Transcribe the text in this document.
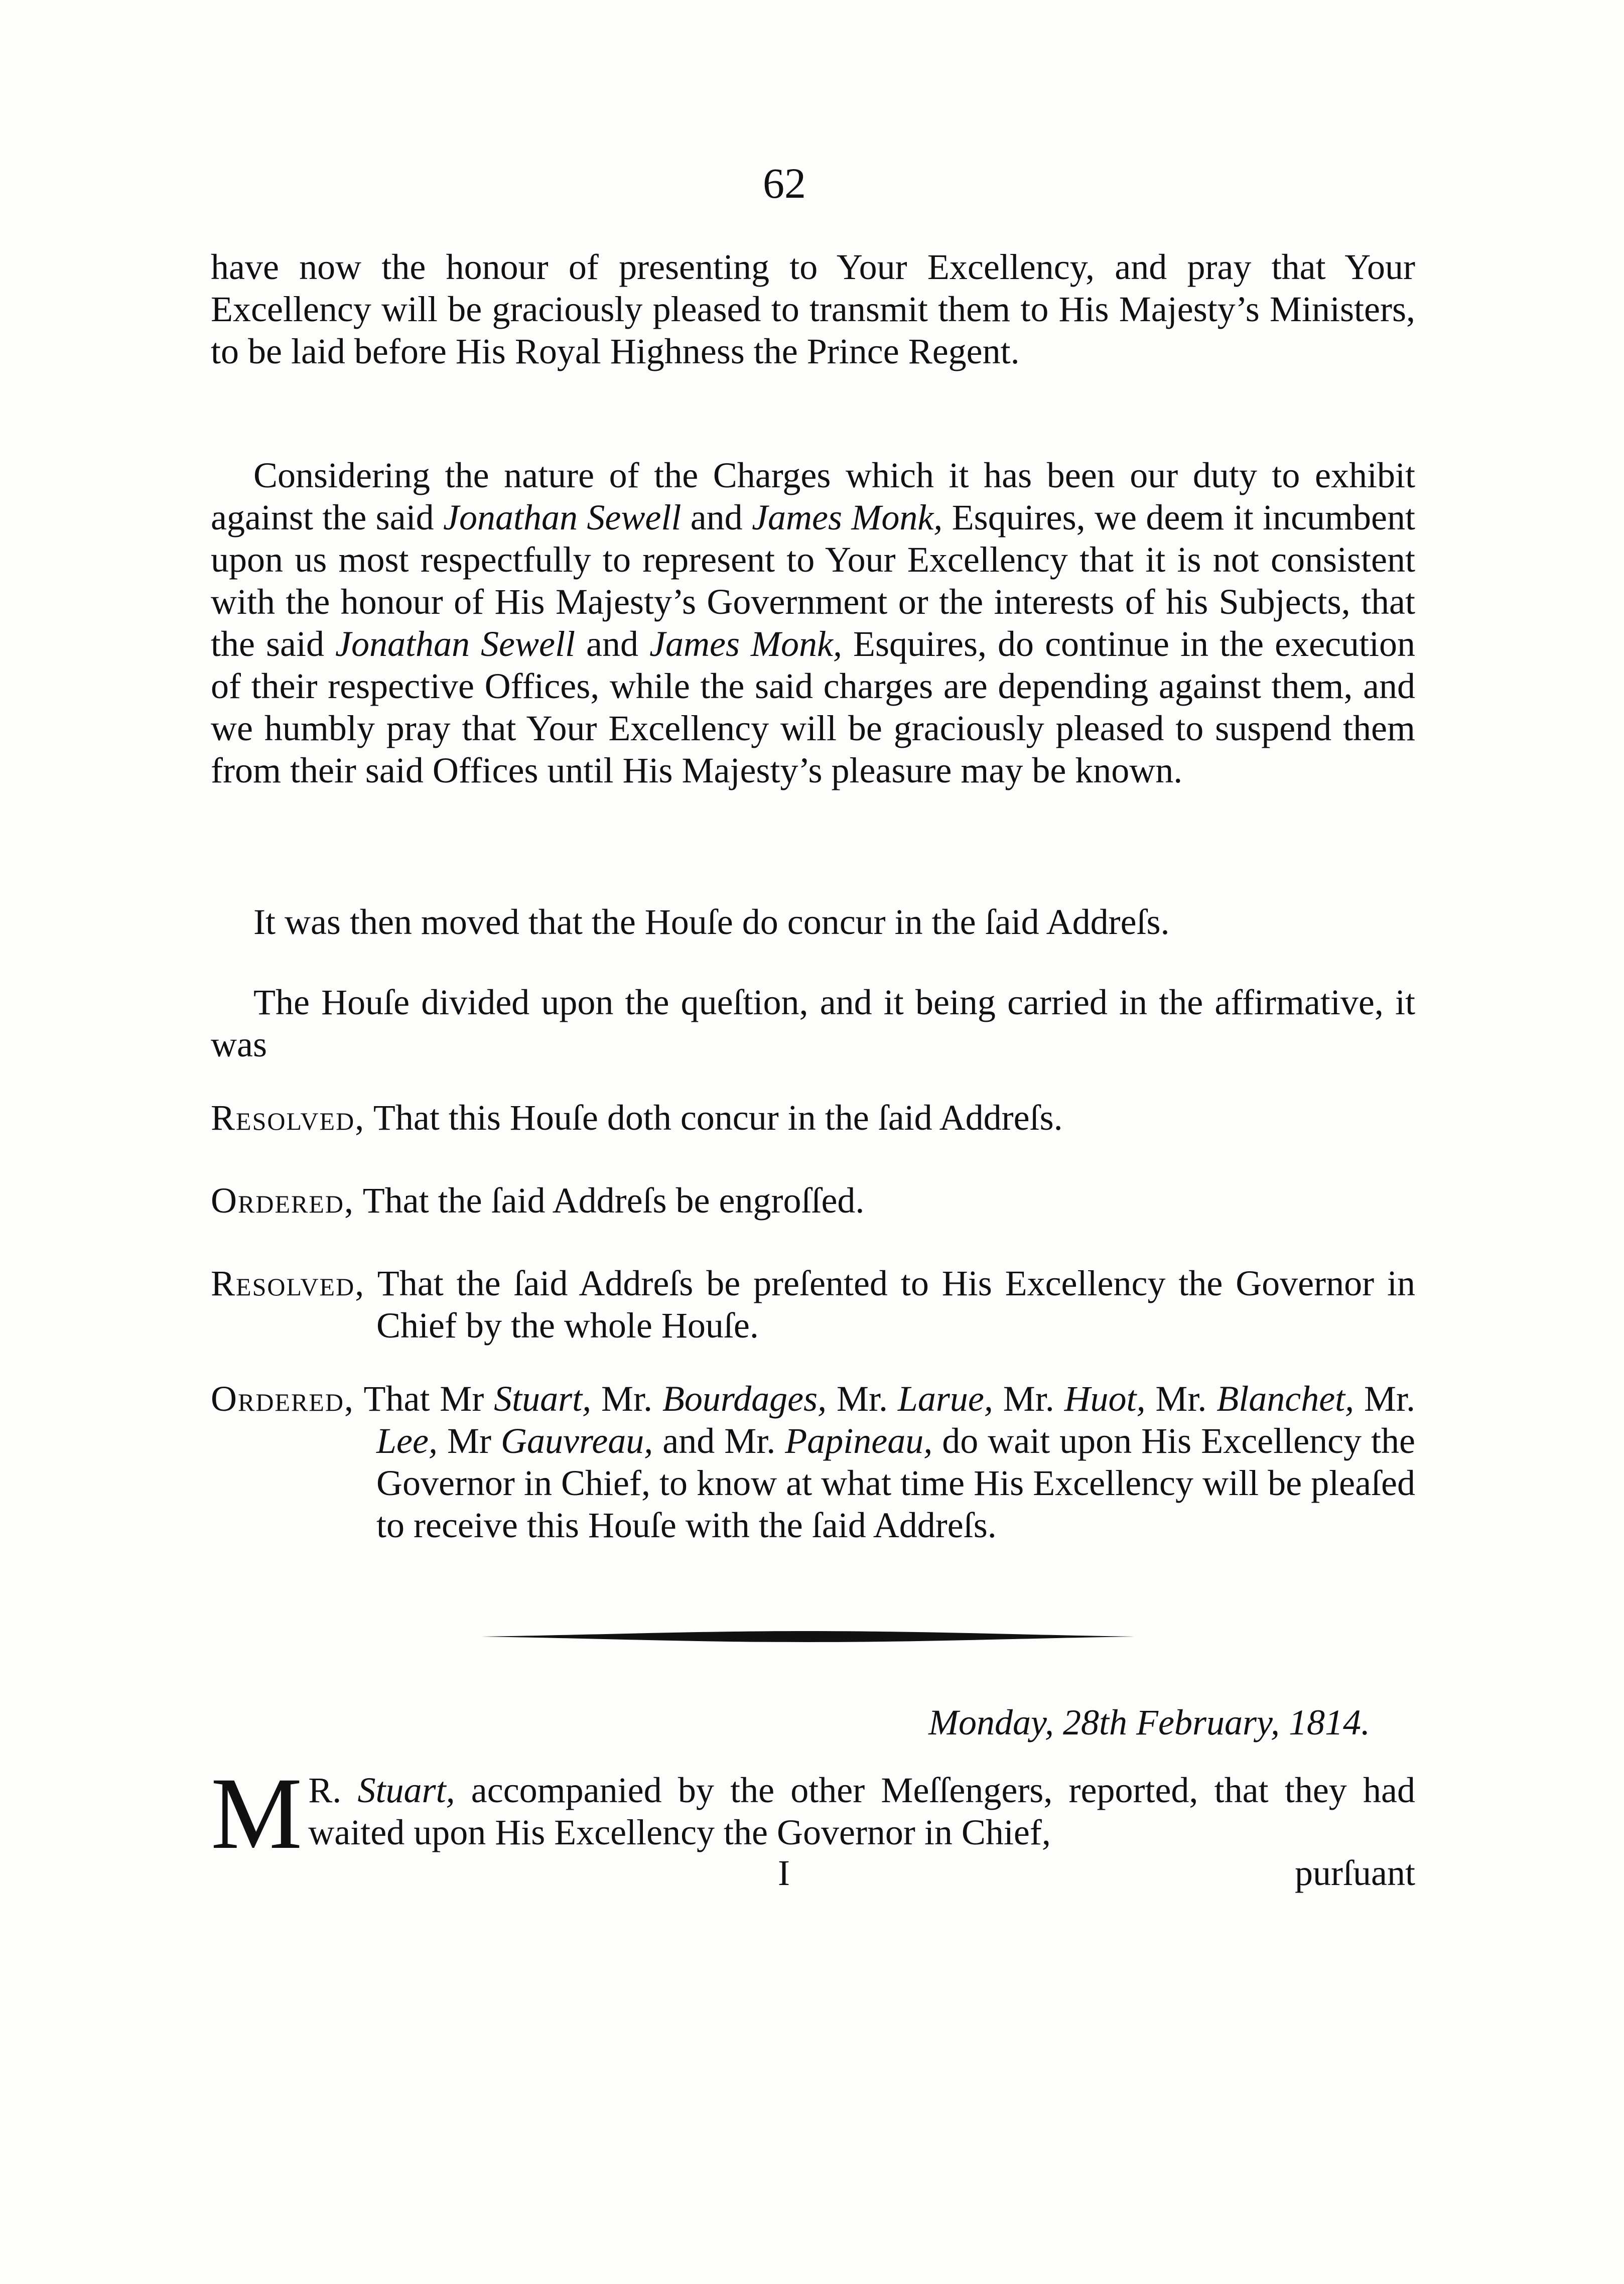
62

have now the honour of presenting to Your Excellency, and pray that Your Excellency will be graciously pleased to transmit them to His Majesty’s Ministers, to be laid before His Royal Highness the Prince Regent.

Considering the nature of the Charges which it has been our duty to exhibit against the said Jonathan Sewell and James Monk, Esquires, we deem it incumbent upon us most respectfully to represent to Your Excellency that it is not consistent with the honour of His Majesty’s Government or the interests of his Subjects, that the said Jonathan Sewell and James Monk, Esquires, do continue in the execution of their respective Offices, while the said charges are depending against them, and we humbly pray that Your Excellency will be graciously pleased to suspend them from their said Offices until His Majesty’s pleasure may be known.

It was then moved that the Houſe do concur in the ſaid Addreſs.

The Houſe divided upon the queſtion, and it being carried in the affirmative, it was

Resolved, That this Houſe doth concur in the ſaid Addreſs.

Ordered, That the ſaid Addreſs be engroſſed.

Resolved, That the ſaid Addreſs be preſented to His Excellency the Governor in Chief by the whole Houſe.

Ordered, That Mr Stuart, Mr. Bourdages, Mr. Larue, Mr. Huot, Mr. Blanchet, Mr. Lee, Mr Gauvreau, and Mr. Papineau, do wait upon His Excellency the Governor in Chief, to know at what time His Excellency will be pleaſed to receive this Houſe with the ſaid Addreſs.

Monday, 28th February, 1814.
M R. Stuart, accompanied by the other Meſſengers, reported, that they had waited upon His Excellency the Governor in Chief,
I	purſuant
